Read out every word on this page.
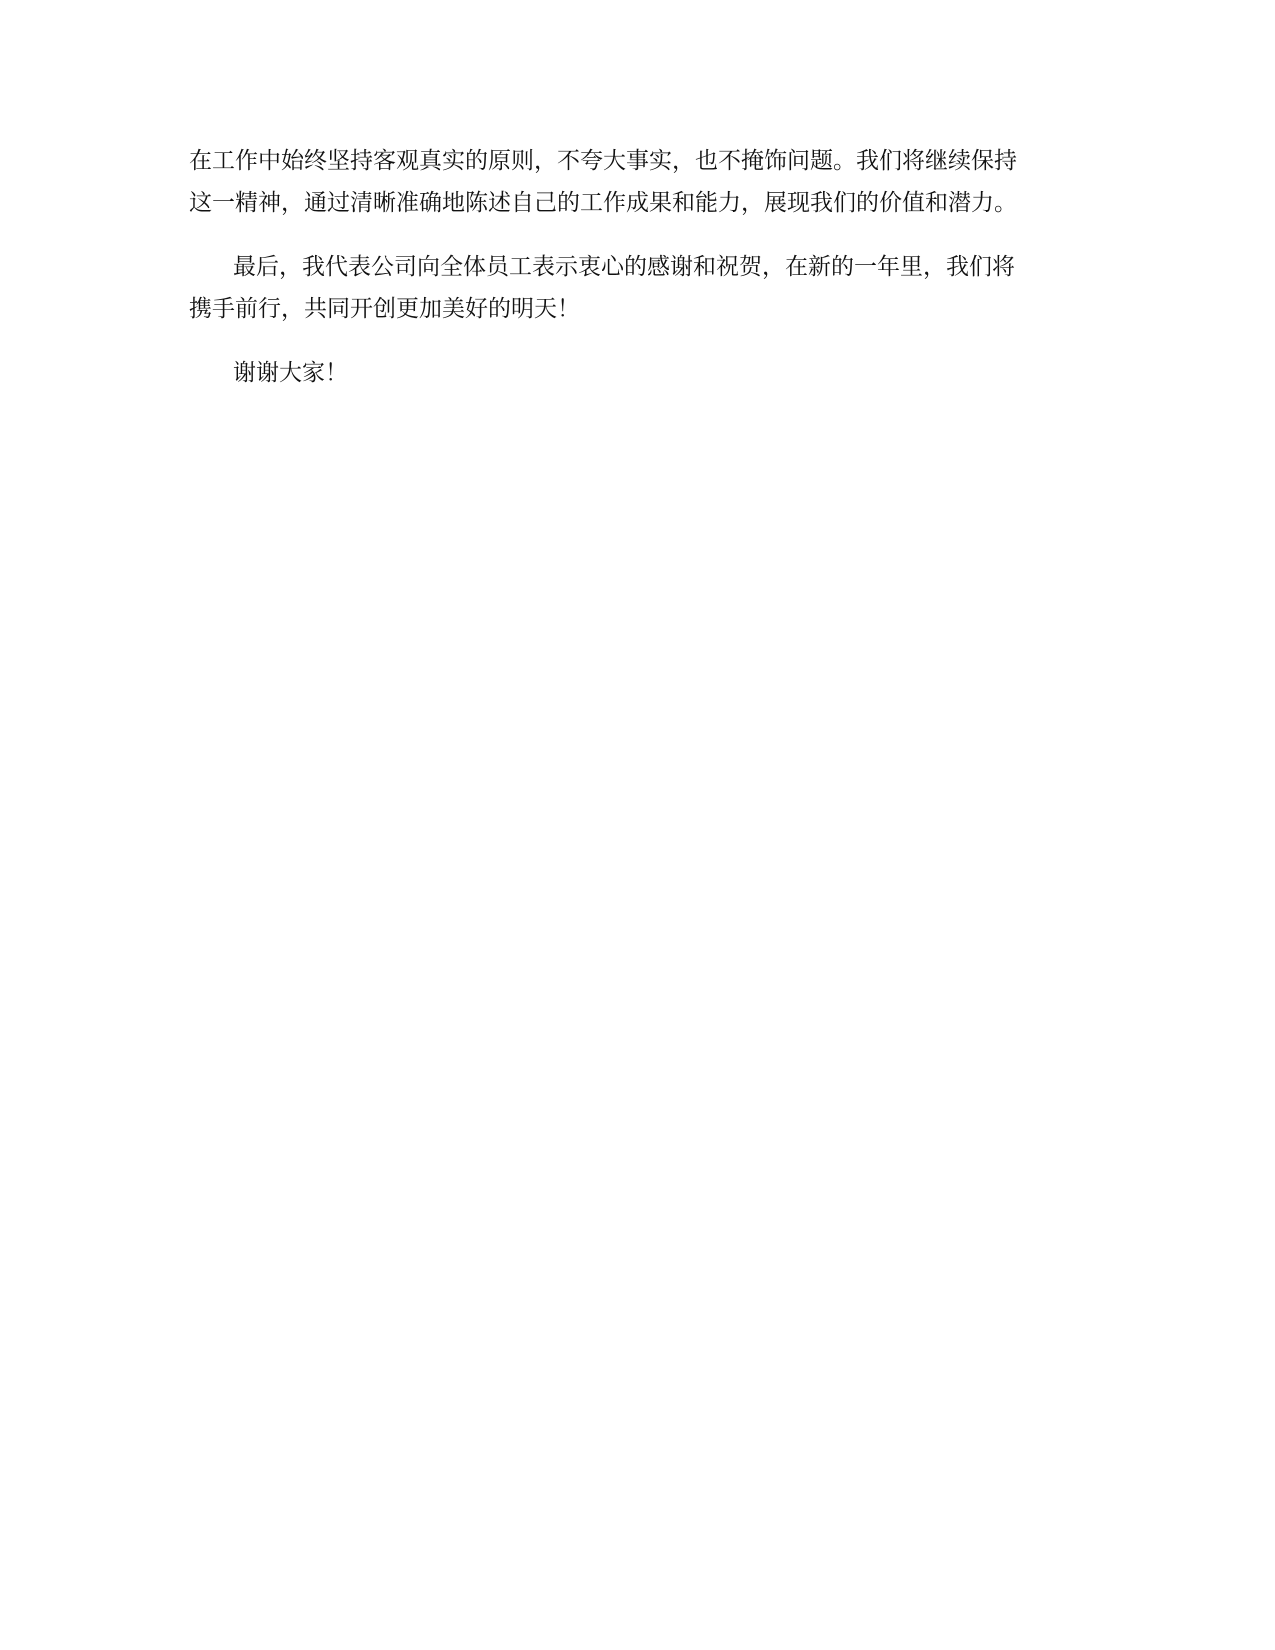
在工作中始终坚持客观真实的原则，不夸大事实，也不掩饰问题。我们将继续保持
这一精神，通过清晰准确地陈述自己的工作成果和能力，展现我们的价值和潜力。
最后，我代表公司向全体员工表示衷心的感谢和祝贺，在新的一年里，我们将
携手前行，共同开创更加美好的明天！
谢谢大家！
